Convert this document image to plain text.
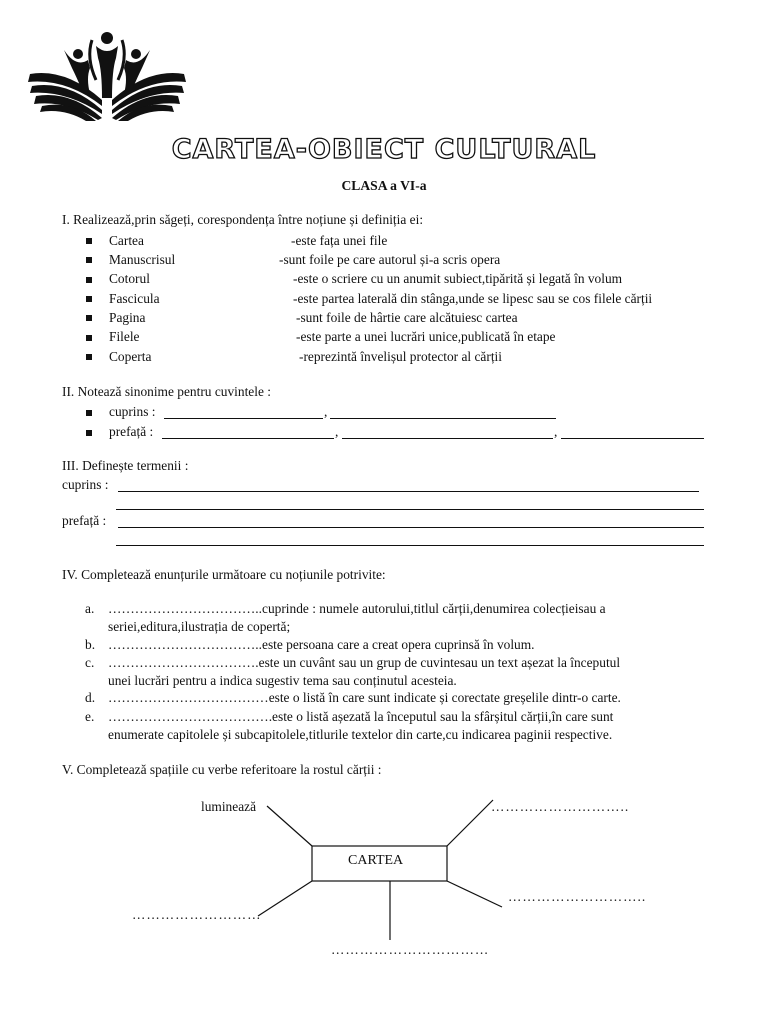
CARTEA-OBIECT CULTURAL
CLASA a VI-a
I. Realizează,prin săgeți, corespondența între noțiune și definiția ei:
Cartea	-este fața unei file
Manuscrisul	-sunt foile pe care autorul și-a scris opera
Cotorul	-este o scriere cu un anumit subiect,tipărită și legată în volum
Fascicula	-este partea laterală din stânga,unde se lipesc sau se cos filele cărții
Pagina	-sunt foile de hârtie care alcătuiesc cartea
Filele	-este parte a unei lucrări unice,publicată în etape
Coperta	-reprezintă învelișul protector al cărții
II. Notează sinonime pentru cuvintele :
cuprins :	,
prefață :	,	,
III. Definește termenii :
cuprins :
prefață :
IV. Completează enunțurile următoare cu noțiunile potrivite:
a. ……………………………..cuprinde : numele autorului,titlul cărții,denumirea colecțieisau a
seriei,editura,ilustrația de copertă;
b. ……………………………..este persoana care a creat opera cuprinsă în volum.
c. …………………………….este un cuvânt sau un grup de cuvintesau un text așezat la începutul
unei lucrări pentru a indica sugestiv tema sau conținutul acesteia.
d. ………………………………este o listă în care sunt indicate și corectate greșelile dintr-o carte.
e. ……………………………….este o listă așezată la începutul sau la sfârșitul cărții,în care sunt
enumerate capitolele și subcapitolele,titlurile textelor din carte,cu indicarea paginii respective.
V. Completează spațiile cu verbe referitoare la rostul cărții :
CARTEA
luminează	………………………..
………………………..
………………………
……………………………
